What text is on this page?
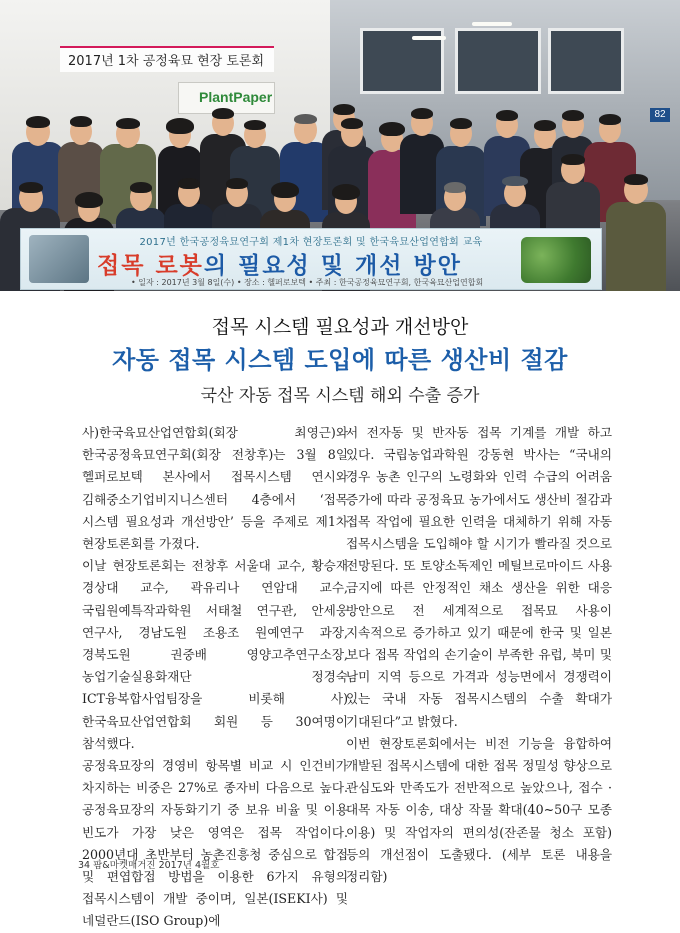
PlantPaper
82
2017년 한국공정육묘연구회 제1차 현장토론회 및 한국육묘산업연합회 교육
접목 로봇의 필요성 및 개선 방안
• 일자 : 2017년 3월 8일(수) • 장소 : 헬퍼로보텍 • 주최 : 한국공정육묘연구회, 한국육묘산업연합회
2017년 1차 공정육묘 현장 토론회
접목 시스템 필요성과 개선방안
자동 접목 시스템 도입에 따른 생산비 절감
국산 자동 접목 시스템 해외 수출 증가

사)한국육묘산업연합회(회장 최영근)와 한국공정육묘연구회(회장 전창후)는 3월 8일 헬퍼로보텍 본사에서 접목시스템 연시와 김해중소기업비지니스센터 4층에서 ‘접목 시스템 필요성과 개선방안’ 등을 주제로 제1차 현장토론회를 가졌다.

이날 현장토론회는 전창후 서울대 교수, 황승재 경상대 교수, 곽유리나 연암대 교수, 국립원예특작과학원 서태철 연구관, 안세웅 연구사, 경남도원 조용조 원예연구 과장, 경북도원 권중배 영양고추연구소장, 농업기술실용화재단 정경숙 ICT융복합사업팀장을 비롯해 사)한국육묘산업연합회 회원 등 30여명이 참석했다.

공정육묘장의 경영비 항목별 비교 시 인건비가 차지하는 비중은 27%로 종자비 다음으로 높다. 공정육묘장의 자동화기기 중 보유 비율 및 이용 빈도가 가장 낮은 영역은 접목 작업이다. 2000년대 초반부터 농촌진흥청 중심으로 합접 및 편엽합접 방법을 이용한 6가지 유형의 접목시스템이 개발 중이며, 일본(ISEKI사) 및 네덜란드(ISO Group)에

서 전자동 및 반자동 접목 기계를 개발 하고 있다. 국립농업과학원 강동현 박사는 “국내의 경우 농촌 인구의 노령화와 인력 수급의 어려움 증가에 따라 공정육묘 농가에서도 생산비 절감과 접목 작업에 필요한 인력을 대체하기 위해 자동 접목시스템을 도입해야 할 시기가 빨라질 것으로 전망된다. 또 토양소독제인 메틸브로마이드 사용 금지에 따른 안정적인 채소 생산을 위한 대응 방안으로 전 세계적으로 접목묘 사용이 지속적으로 증가하고 있기 때문에 한국 및 일본 보다 접목 작업의 손기술이 부족한 유럽, 북미 및 남미 지역 등으로 가격과 성능면에서 경쟁력이 있는 국내 자동 접목시스템의 수출 확대가 기대된다”고 밝혔다.

이번 현장토론회에서는 비전 기능을 융합하여 개발된 접목시스템에 대한 접목 정밀성 향상으로 관심도와 만족도가 전반적으로 높았으나, 접수 · 대목 자동 이송, 대상 작물 확대(40~50구 모종 이용) 및 작업자의 편의성(잔존물 청소 포함) 등의 개선점이 도출됐다. (세부 토론 내용을 정리함)

34 팜&마켓매거진 2017년 4월호
